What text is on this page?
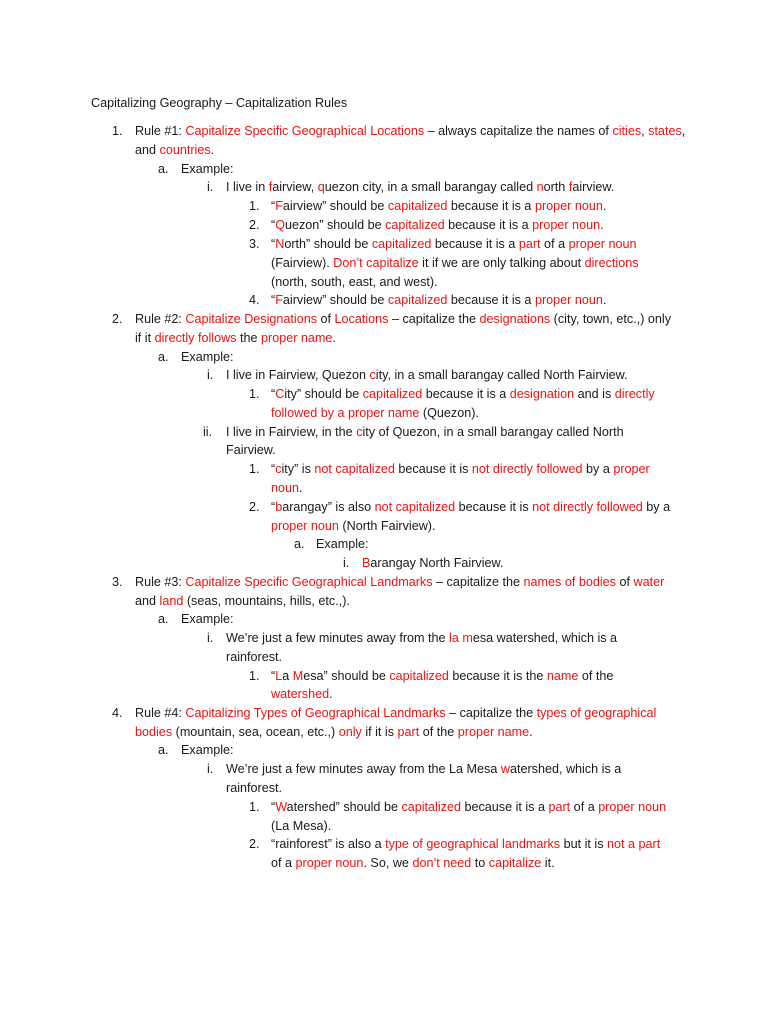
Capitalizing Geography – Capitalization Rules
1. Rule #1: Capitalize Specific Geographical Locations – always capitalize the names of cities, states,
and countries.
a. Example:
i. I live in fairview, quezon city, in a small barangay called north fairview.
1. “Fairview” should be capitalized because it is a proper noun.
2. “Quezon” should be capitalized because it is a proper noun.
3. “North” should be capitalized because it is a part of a proper noun
(Fairview). Don’t capitalize it if we are only talking about directions
(north, south, east, and west).
4. “Fairview” should be capitalized because it is a proper noun.
2. Rule #2: Capitalize Designations of Locations – capitalize the designations (city, town, etc.,) only
if it directly follows the proper name.
a. Example:
i. I live in Fairview, Quezon city, in a small barangay called North Fairview.
1. “City” should be capitalized because it is a designation and is directly
followed by a proper name (Quezon).
ii. I live in Fairview, in the city of Quezon, in a small barangay called North
Fairview.
1. “city” is not capitalized because it is not directly followed by a proper
noun.
2. “barangay” is also not capitalized because it is not directly followed by a
proper noun (North Fairview).
a. Example:
i. Barangay North Fairview.
3. Rule #3: Capitalize Specific Geographical Landmarks – capitalize the names of bodies of water
and land (seas, mountains, hills, etc.,).
a. Example:
i. We’re just a few minutes away from the la mesa watershed, which is a
rainforest.
1. “La Mesa” should be capitalized because it is the name of the
watershed.
4. Rule #4: Capitalizing Types of Geographical Landmarks – capitalize the types of geographical
bodies (mountain, sea, ocean, etc.,) only if it is part of the proper name.
a. Example:
i. We’re just a few minutes away from the La Mesa watershed, which is a
rainforest.
1. “Watershed” should be capitalized because it is a part of a proper noun
(La Mesa).
2. “rainforest” is also a type of geographical landmarks but it is not a part
of a proper noun. So, we don’t need to capitalize it.
